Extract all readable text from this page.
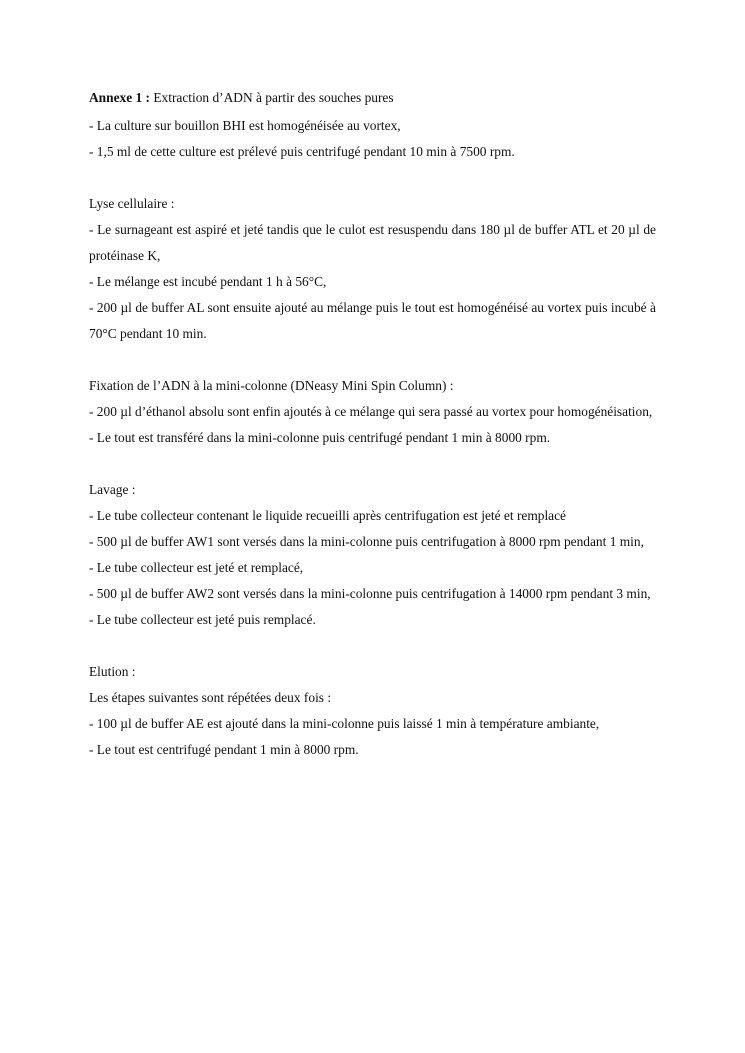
Annexe 1 : Extraction d’ADN à partir des souches pures

- La culture sur bouillon BHI est homogénéisée au vortex,

- 1,5 ml de cette culture est prélevé puis centrifugé pendant 10 min à 7500 rpm.

Lyse cellulaire :

- Le surnageant est aspiré et jeté tandis que le culot est resuspendu dans 180 µl de buffer ATL et 20 µl de protéinase K,

- Le mélange est incubé pendant 1 h à 56°C,

- 200 µl de buffer AL sont ensuite ajouté au mélange puis le tout est homogénéisé au vortex puis incubé à 70°C pendant 10 min.

Fixation de l’ADN à la mini-colonne (DNeasy Mini Spin Column) :

- 200 µl d’éthanol absolu sont enfin ajoutés à ce mélange qui sera passé au vortex pour homogénéisation,

- Le tout est transféré dans la mini-colonne puis centrifugé pendant 1 min à 8000 rpm.

Lavage :

- Le tube collecteur contenant le liquide recueilli après centrifugation est jeté et remplacé

- 500 µl de buffer AW1 sont versés dans la mini-colonne puis centrifugation à 8000 rpm pendant 1 min,

- Le tube collecteur est jeté et remplacé,

- 500 µl de buffer AW2 sont versés dans la mini-colonne puis centrifugation à 14000 rpm pendant 3 min,

- Le tube collecteur est jeté puis remplacé.

Elution :

Les étapes suivantes sont répétées deux fois :

- 100 µl de buffer AE est ajouté dans la mini-colonne puis laissé 1 min à température ambiante,

- Le tout est centrifugé pendant 1 min à 8000 rpm.
